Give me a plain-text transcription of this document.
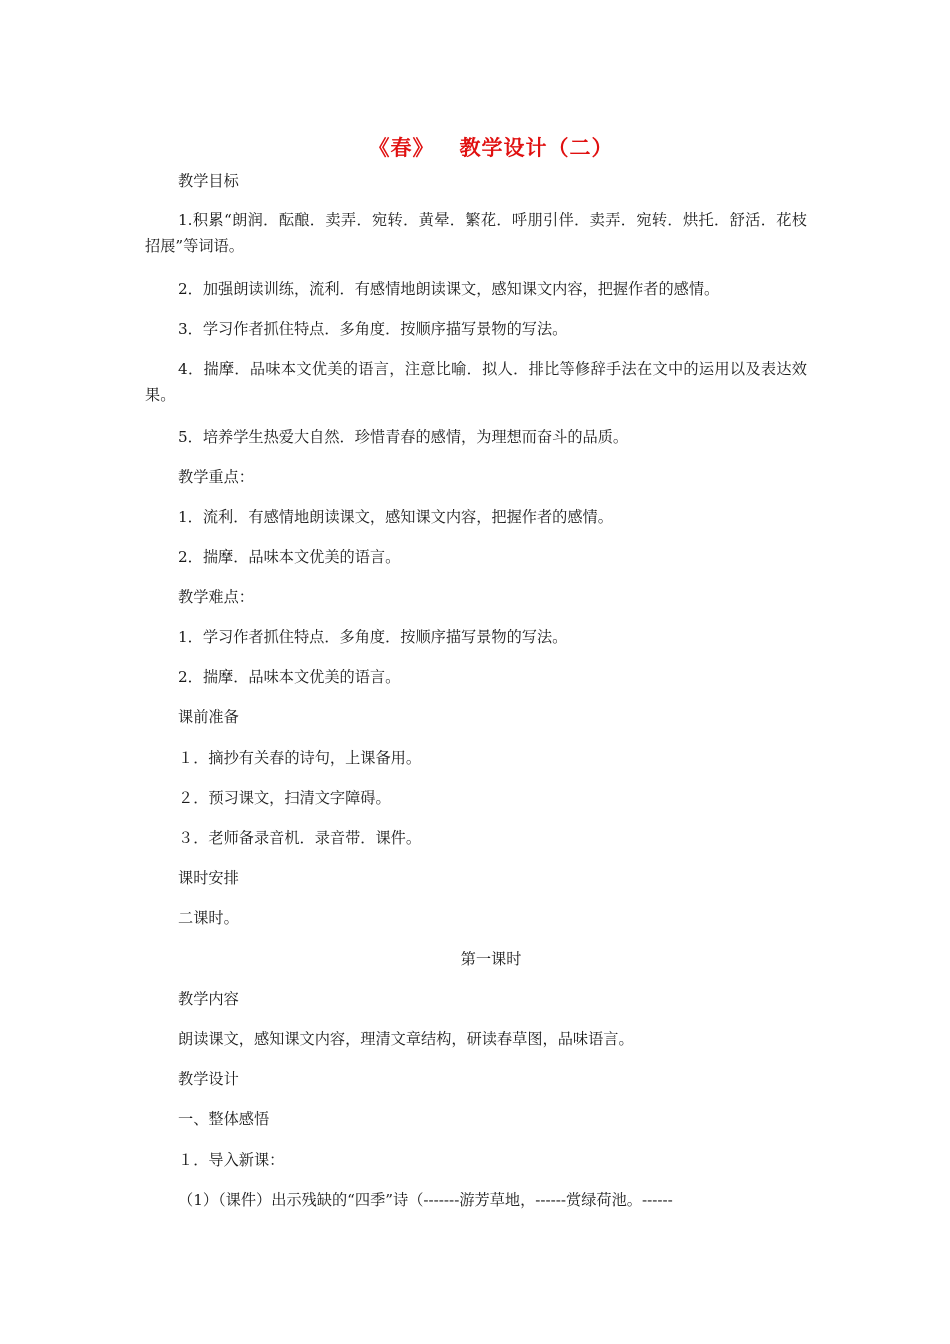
《春》   教学设计（二）
教学目标
1.积累“朗润．酝酿．卖弄．宛转．黄晕．繁花．呼朋引伴．卖弄．宛转．烘托．舒活．花枝招展”等词语。
2．加强朗读训练，流利．有感情地朗读课文，感知课文内容，把握作者的感情。
3．学习作者抓住特点．多角度．按顺序描写景物的写法。
4．揣摩．品味本文优美的语言，注意比喻．拟人．排比等修辞手法在文中的运用以及表达效果。
5．培养学生热爱大自然．珍惜青春的感情，为理想而奋斗的品质。
教学重点：
1．流利．有感情地朗读课文，感知课文内容，把握作者的感情。
2．揣摩．品味本文优美的语言。
教学难点：
1．学习作者抓住特点．多角度．按顺序描写景物的写法。
2．揣摩．品味本文优美的语言。
课前准备
１．摘抄有关春的诗句，上课备用。
２．预习课文，扫清文字障碍。
３．老师备录音机．录音带．课件。
课时安排
二课时。
第一课时
教学内容
朗读课文，感知课文内容，理清文章结构，研读春草图，品味语言。
教学设计
一、整体感悟
１．导入新课：
（1）（课件）出示残缺的“四季”诗（-------游芳草地，------赏绿荷池。------
